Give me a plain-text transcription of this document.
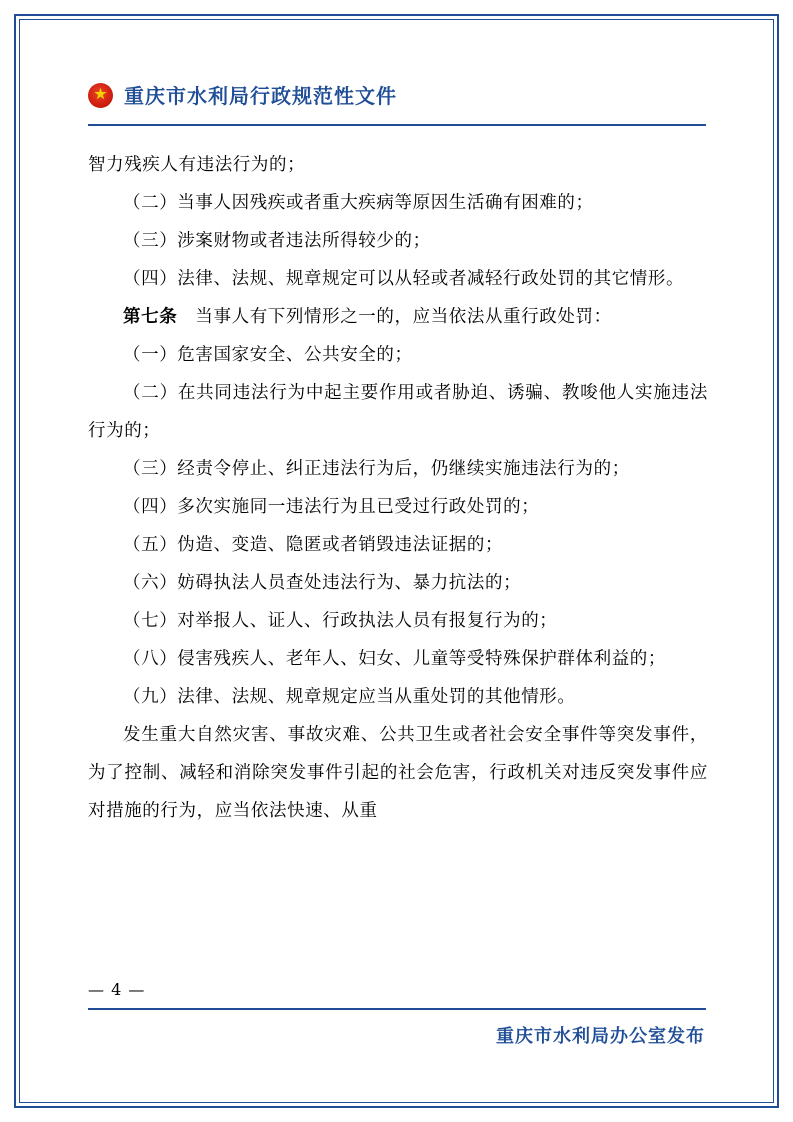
重庆市水利局行政规范性文件

智力残疾人有违法行为的；

（二）当事人因残疾或者重大疾病等原因生活确有困难的；

（三）涉案财物或者违法所得较少的；

（四）法律、法规、规章规定可以从轻或者减轻行政处罚的其它情形。

第七条　当事人有下列情形之一的，应当依法从重行政处罚：

（一）危害国家安全、公共安全的；

（二）在共同违法行为中起主要作用或者胁迫、诱骗、教唆他人实施违法行为的；

（三）经责令停止、纠正违法行为后，仍继续实施违法行为的；

（四）多次实施同一违法行为且已受过行政处罚的；

（五）伪造、变造、隐匿或者销毁违法证据的；

（六）妨碍执法人员查处违法行为、暴力抗法的；

（七）对举报人、证人、行政执法人员有报复行为的；

（八）侵害残疾人、老年人、妇女、儿童等受特殊保护群体利益的；

（九）法律、法规、规章规定应当从重处罚的其他情形。

发生重大自然灾害、事故灾难、公共卫生或者社会安全事件等突发事件，为了控制、减轻和消除突发事件引起的社会危害，行政机关对违反突发事件应对措施的行为，应当依法快速、从重

— 4 —
重庆市水利局办公室发布
